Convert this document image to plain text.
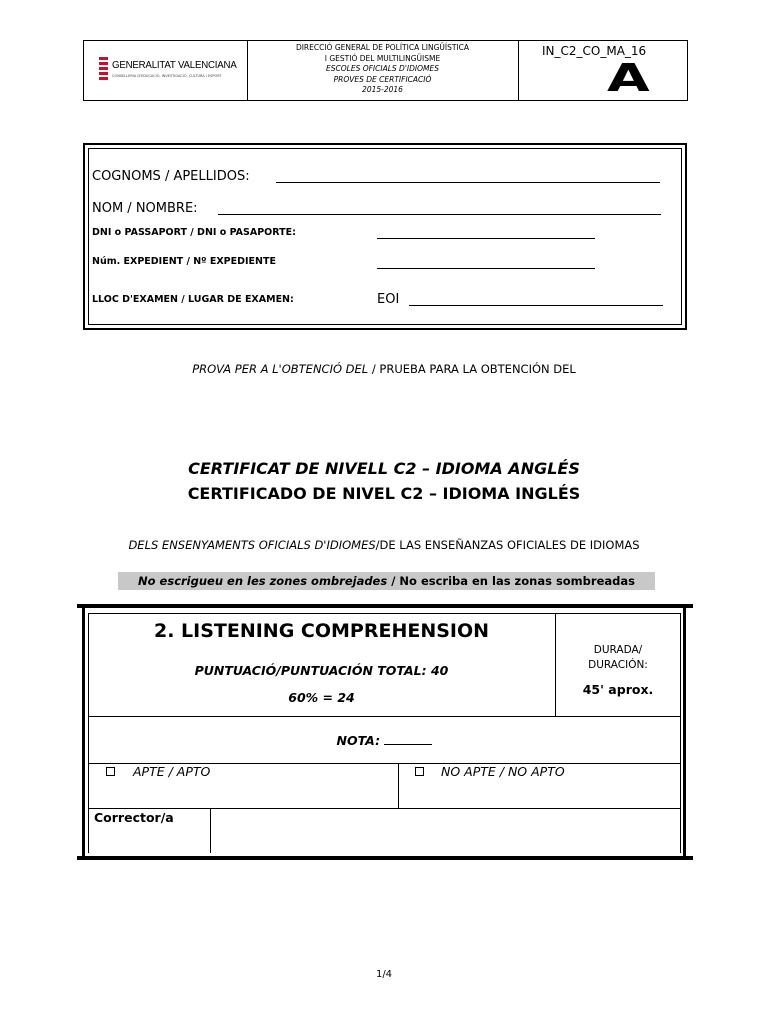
GENERALITAT VALENCIANA
CONSELLERIA D'EDUCACIÓ, INVESTIGACIÓ, CULTURA I ESPORT
DIRECCIÓ GENERAL DE POLÍTICA LINGÜÍSTICA
I GESTIÓ DEL MULTILINGÜISME
ESCOLES OFICIALS D'IDIOMES
PROVES DE CERTIFICACIÓ
2015-2016
IN_C2_CO_MA_16
A
COGNOMS / APELLIDOS:
NOM / NOMBRE:
DNI o PASSAPORT / DNI o PASAPORTE:
Núm. EXPEDIENT / Nº EXPEDIENTE
LLOC D'EXAMEN / LUGAR DE EXAMEN:	EOI
PROVA PER A L'OBTENCIÓ DEL / PRUEBA PARA LA OBTENCIÓN DEL
CERTIFICAT DE NIVELL C2 – IDIOMA ANGLÉS
CERTIFICADO DE NIVEL C2 – IDIOMA INGLÉS
DELS ENSENYAMENTS OFICIALS D'IDIOMES/DE LAS ENSEÑANZAS OFICIALES DE IDIOMAS
No escrigueu en les zones ombrejades / No escriba en las zonas sombreadas
2. LISTENING COMPREHENSION
PUNTUACIÓ/PUNTUACIÓN TOTAL: 40
60% = 24
DURADA/
DURACIÓN:
45' aprox.
NOTA:
APTE / APTO	NO APTE / NO APTO
Corrector/a
1/4
